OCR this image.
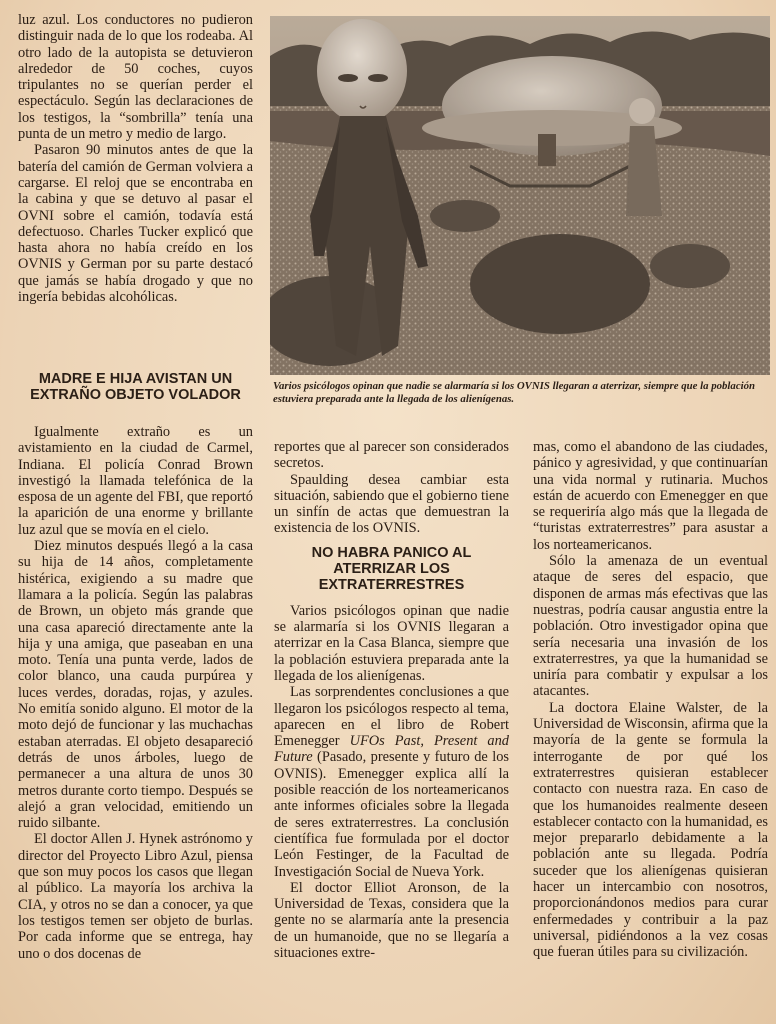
luz azul. Los conductores no pudieron distinguir nada de lo que los rodeaba. Al otro lado de la autopista se detuvieron alrededor de 50 coches, cuyos tripulantes no se querían perder el espectáculo. Según las declaraciones de los testigos, la “sombrilla” tenía una punta de un metro y medio de largo.

Pasaron 90 minutos antes de que la batería del camión de German volviera a cargarse. El reloj que se encontraba en la cabina y que se detuvo al pasar el OVNI sobre el camión, todavía está defectuoso. Charles Tucker explicó que hasta ahora no había creído en los OVNIS y German por su parte destacó que jamás se había drogado y que no ingería bebidas alcohólicas.

MADRE E HIJA AVISTAN UN EXTRAÑO OBJETO VOLADOR

Igualmente extraño es un avistamiento en la ciudad de Carmel, Indiana. El policía Conrad Brown investigó la llamada telefónica de la esposa de un agente del FBI, que reportó la aparición de una enorme y brillante luz azul que se movía en el cielo.

Diez minutos después llegó a la casa su hija de 14 años, completamente histérica, exigiendo a su madre que llamara a la policía. Según las palabras de Brown, un objeto más grande que una casa apareció directamente ante la hija y una amiga, que paseaban en una moto. Tenía una punta verde, lados de color blanco, una cauda purpúrea y luces verdes, doradas, rojas, y azules. No emitía sonido alguno. El motor de la moto dejó de funcionar y las muchachas estaban aterradas. El objeto desapareció detrás de unos árboles, luego de permanecer a una altura de unos 30 metros durante corto tiempo. Después se alejó a gran velocidad, emitiendo un ruido silbante.

El doctor Allen J. Hynek astrónomo y director del Proyecto Libro Azul, piensa que son muy pocos los casos que llegan al público. La mayoría los archiva la CIA, y otros no se dan a conocer, ya que los testigos temen ser objeto de burlas. Por cada informe que se entrega, hay uno o dos docenas de

Varios psicólogos opinan que nadie se alarmaría si los OVNIS llegaran a aterrizar, siempre que la población estuviera preparada ante la llegada de los alienígenas.

reportes que al parecer son considerados secretos.

Spaulding desea cambiar esta situación, sabiendo que el gobierno tiene un sinfín de actas que demuestran la existencia de los OVNIS.

NO HABRA PANICO AL ATERRIZAR LOS EXTRATERRESTRES

Varios psicólogos opinan que nadie se alarmaría si los OVNIS llegaran a aterrizar en la Casa Blanca, siempre que la población estuviera preparada ante la llegada de los alienígenas.

Las sorprendentes conclusiones a que llegaron los psicólogos respecto al tema, aparecen en el libro de Robert Emenegger UFOs Past, Present and Future (Pasado, presente y futuro de los OVNIS). Emenegger explica allí la posible reacción de los norteamericanos ante informes oficiales sobre la llegada de seres extraterrestres. La conclusión científica fue formulada por el doctor León Festinger, de la Facultad de Investigación Social de Nueva York.

El doctor Elliot Aronson, de la Universidad de Texas, considera que la gente no se alarmaría ante la presencia de un humanoide, que no se llegaría a situaciones extre-

mas, como el abandono de las ciudades, pánico y agresividad, y que continuarían una vida normal y rutinaria. Muchos están de acuerdo con Emenegger en que se requeriría algo más que la llegada de “turistas extraterrestres” para asustar a los norteamericanos.

Sólo la amenaza de un eventual ataque de seres del espacio, que disponen de armas más efectivas que las nuestras, podría causar angustia entre la población. Otro investigador opina que sería necesaria una invasión de los extraterrestres, ya que la humanidad se uniría para combatir y expulsar a los atacantes.

La doctora Elaine Walster, de la Universidad de Wisconsin, afirma que la mayoría de la gente se formula la interrogante de por qué los extraterrestres quisieran establecer contacto con nuestra raza. En caso de que los humanoides realmente deseen establecer contacto con la humanidad, es mejor prepararlo debidamente a la población ante su llegada. Podría suceder que los alienígenas quisieran hacer un intercambio con nosotros, proporcionándonos medios para curar enfermedades y contribuir a la paz universal, pidiéndonos a la vez cosas que fueran útiles para su civilización.
